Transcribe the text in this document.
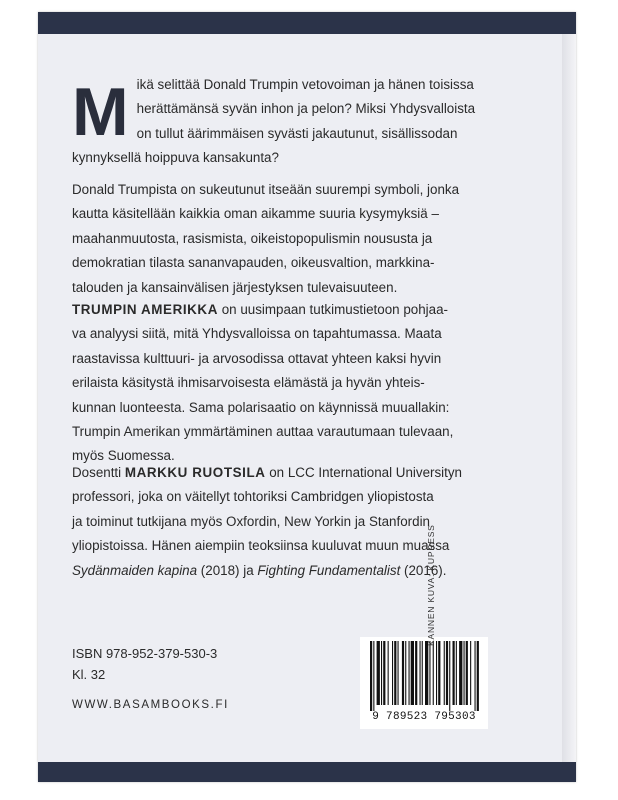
M ikä selittää Donald Trumpin vetovoiman ja hänen toisissa

herättämänsä syvän inhon ja pelon? Miksi Yhdysvalloista

on tullut äärimmäisen syvästi jakautunut, sisällissodan

kynnyksellä hoippuva kansakunta?

Donald Trumpista on sukeutunut itseään suurempi symboli, jonka

kautta käsitellään kaikkia oman aikamme suuria kysymyksiä –

maahanmuutosta, rasismista, oikeistopopulismin noususta ja

demokratian tilasta sananvapauden, oikeusvaltion, markkina-

talouden ja kansainvälisen järjestyksen tulevaisuuteen.

TRUMPIN AMERIKKA on uusimpaan tutkimustietoon pohjaa-

va analyysi siitä, mitä Yhdysvalloissa on tapahtumassa. Maata

raastavissa kulttuuri- ja arvosodissa ottavat yhteen kaksi hyvin

erilaista käsitystä ihmisarvoisesta elämästä ja hyvän yhteis-

kunnan luonteesta. Sama polarisaatio on käynnissä muuallakin:

Trumpin Amerikan ymmärtäminen auttaa varautumaan tulevaan,

myös Suomessa.

Dosentti MARKKU RUOTSILA on LCC International Universityn

professori, joka on väitellyt tohtoriksi Cambridgen yliopistosta

ja toiminut tutkijana myös Oxfordin, New Yorkin ja Stanfordin

yliopistoissa. Hänen aiempiin teoksiinsa kuuluvat muun muassa

Sydänmaiden kapina (2018) ja Fighting Fundamentalist (2016).

ISBN 978-952-379-530-3
Kl. 32
WWW.BASAMBOOKS.FI
9 789523 795303
KANNEN KUVA: KUPRESS
